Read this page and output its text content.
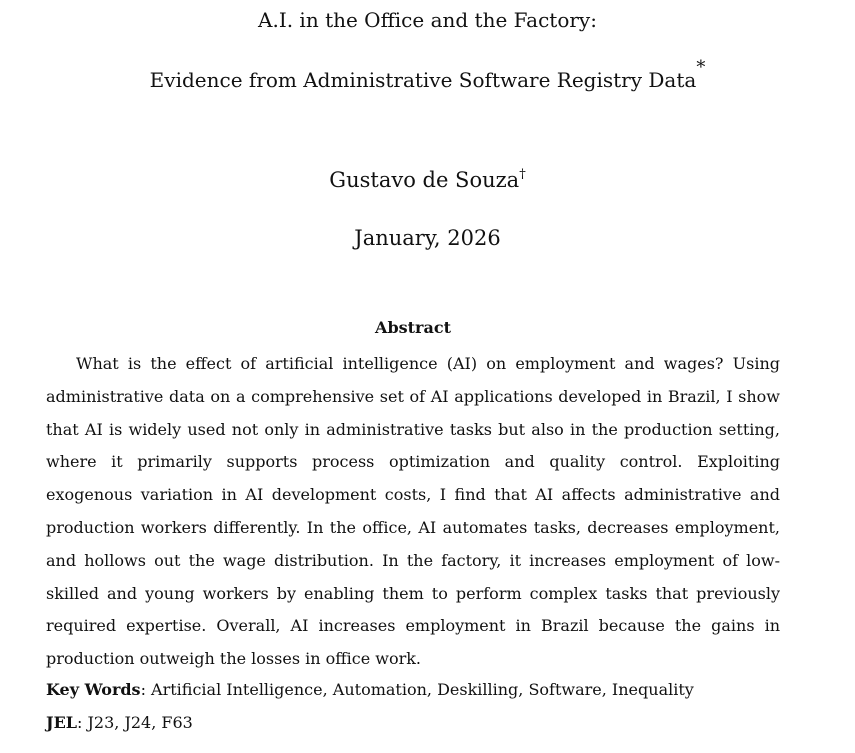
A.I. in the Office and the Factory:
Evidence from Administrative Software Registry Data*
Gustavo de Souza†
January, 2026
Abstract

What is the effect of artificial intelligence (AI) on employment and wages? Using administrative data on a comprehensive set of AI applications developed in Brazil, I show that AI is widely used not only in administrative tasks but also in the production setting, where it primarily supports process optimization and quality control. Exploiting exogenous variation in AI development costs, I find that AI affects administrative and production workers differently. In the office, AI automates tasks, decreases employment, and hollows out the wage distribution. In the factory, it increases employment of low-skilled and young workers by enabling them to perform complex tasks that previously required expertise. Overall, AI increases employment in Brazil because the gains in production outweigh the losses in office work.

Key Words: Artificial Intelligence, Automation, Deskilling, Software, Inequality
JEL: J23, J24, F63
